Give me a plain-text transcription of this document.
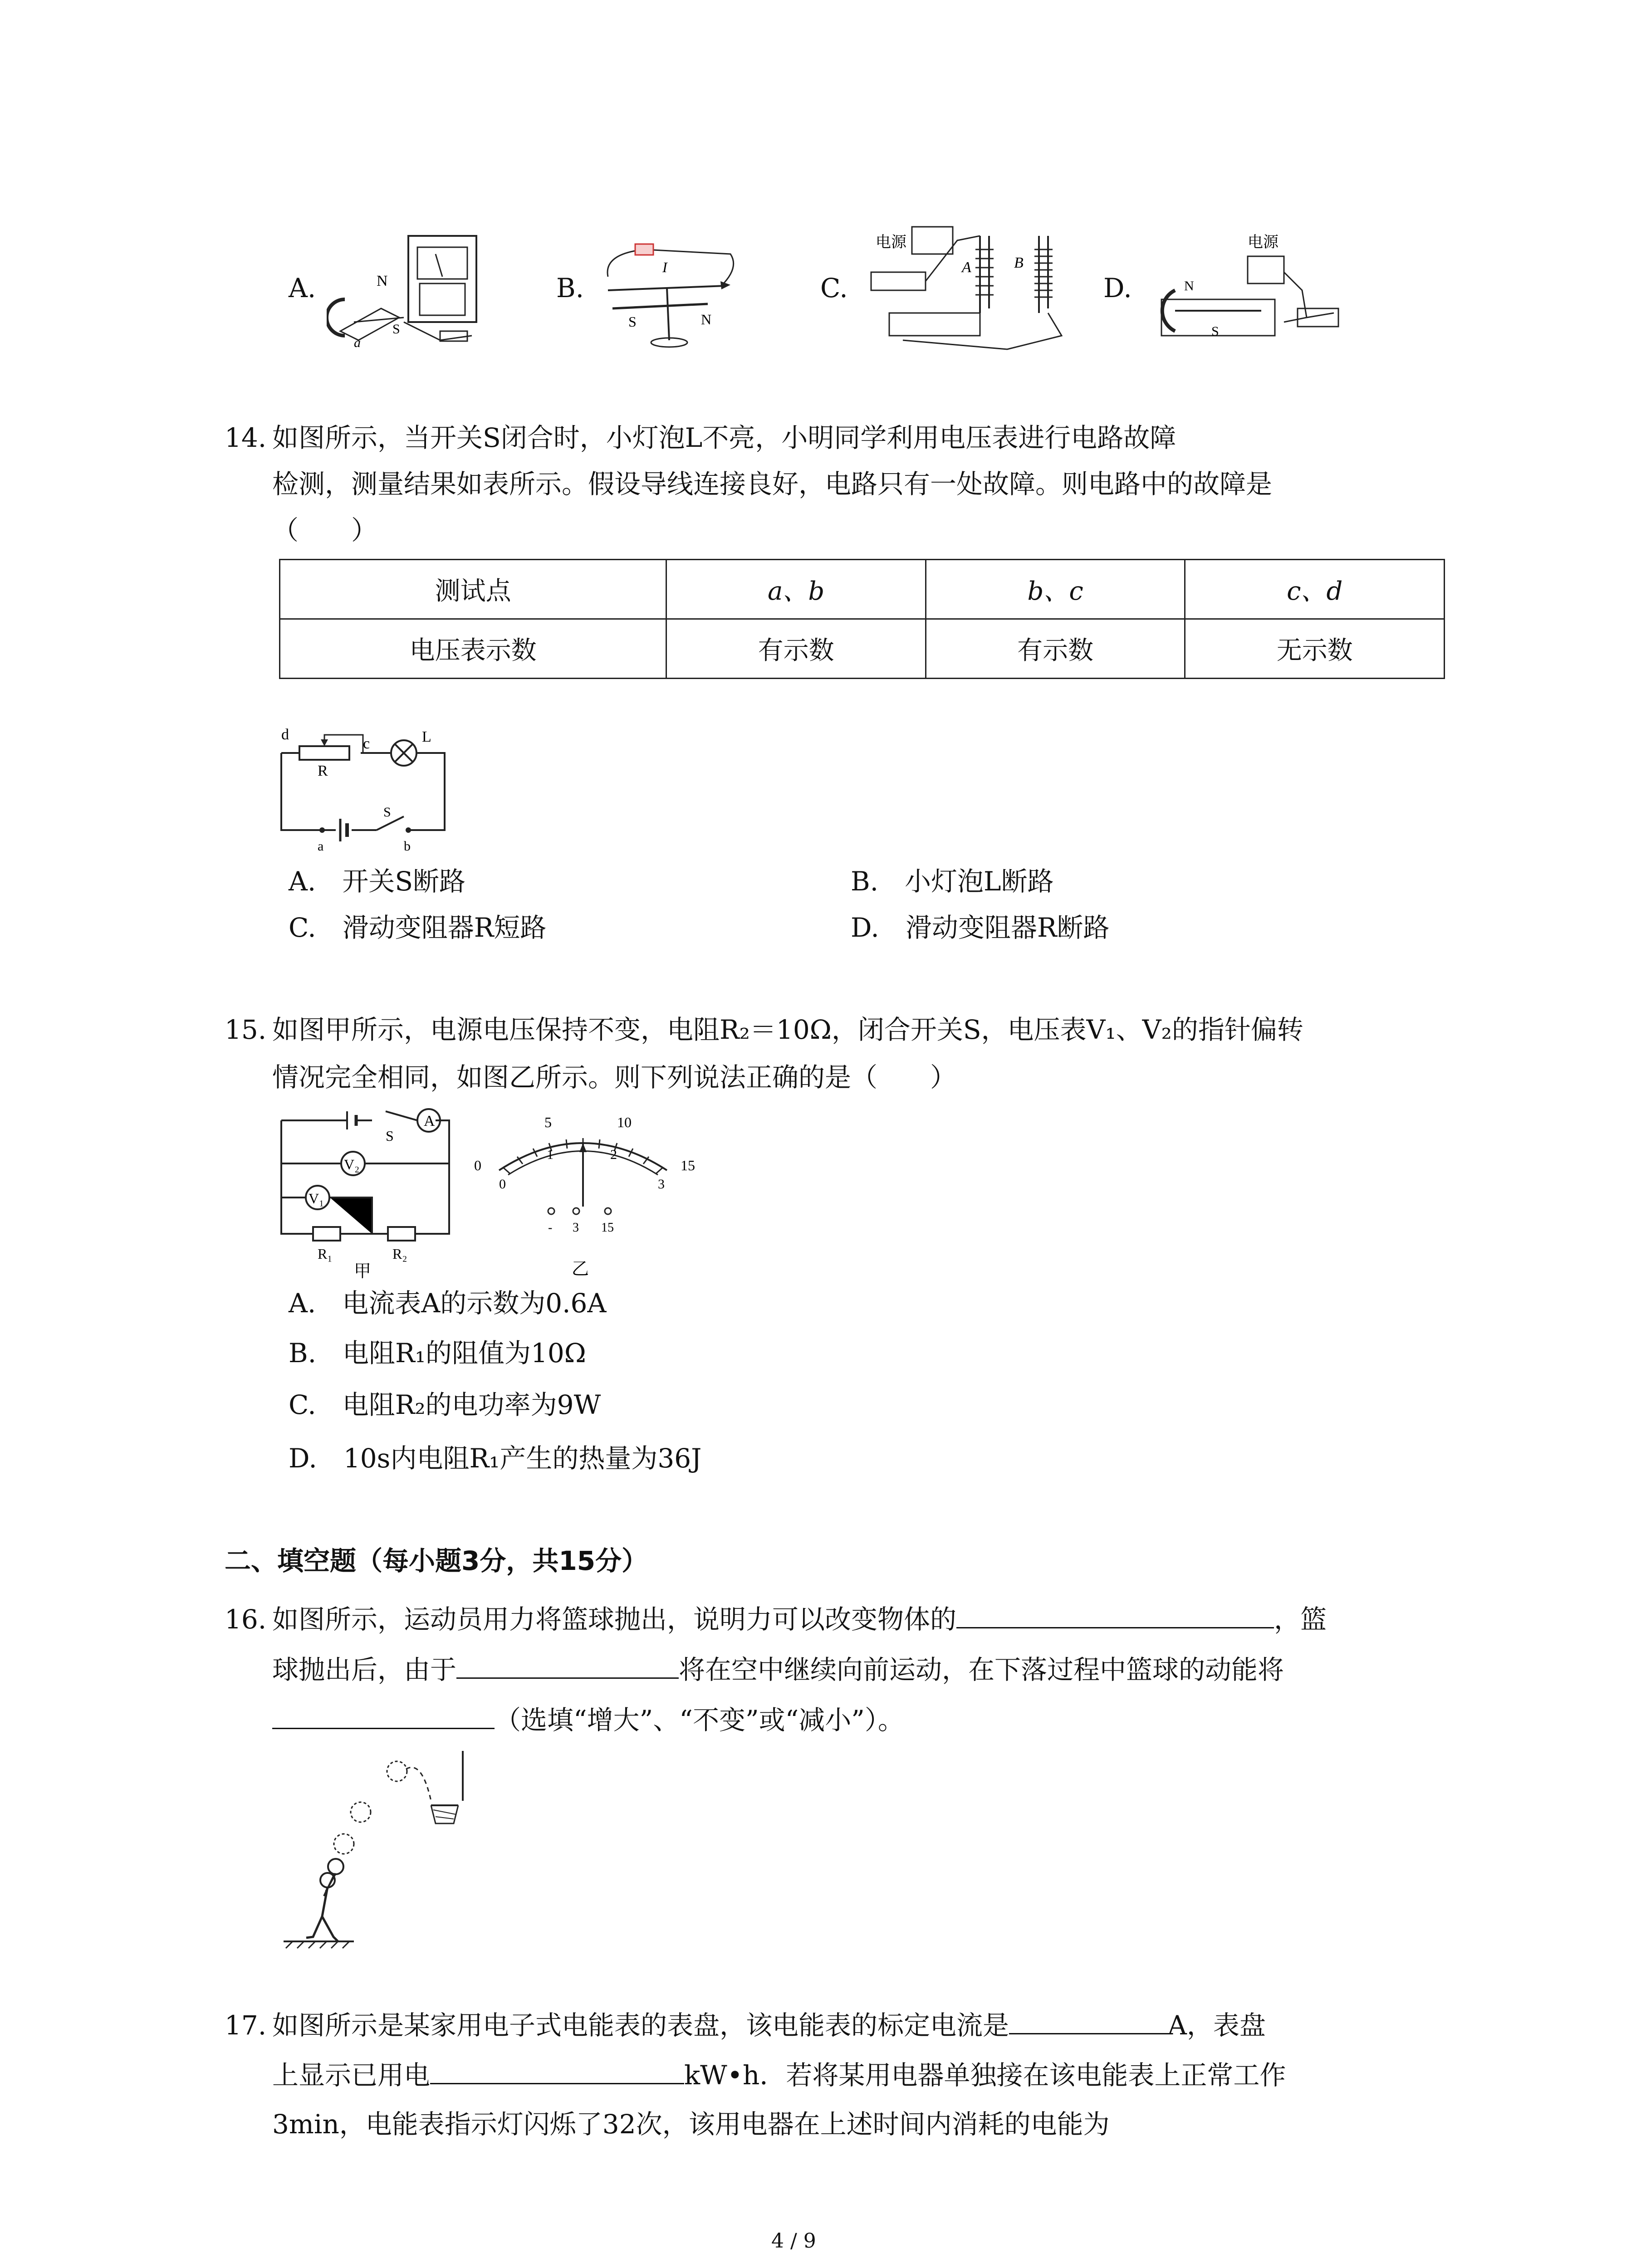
A.	N
S
a
B.
I
S	N
C.
电源
A	B
D.
电源
N
S
14. 如图所示，当开关S闭合时，小灯泡L不亮，小明同学利用电压表进行电路故障
检测，测量结果如表所示。假设导线连接良好，电路只有一处故障。则电路中的故障是
（　　）
测试点	a、b	b、c	c、d
电压表示数	有示数	有示数	无示数
d
c	L
R
a
S
b
A.　开关S断路	B.　小灯泡L断路
C.　滑动变阻器R短路	D.　滑动变阻器R断路
15. 如图甲所示，电源电压保持不变，电阻R₂＝10Ω，闭合开关S，电压表V₁、V₂的指针偏转
情况完全相同，如图乙所示。则下列说法正确的是（　　）
A
S
V₂
V₁
R₁	R₂
甲
0
5	10
15
0
1	2
3
- 3 15
乙
A.　电流表A的示数为0.6A
B.　电阻R₁的阻值为10Ω
C.　电阻R₂的电功率为9W
D.　10s内电阻R₁产生的热量为36J
二、填空题（每小题3分，共15分）
16. 如图所示，运动员用力将篮球抛出，说明力可以改变物体的	，篮
球抛出后，由于	将在空中继续向前运动，在下落过程中篮球的动能将
（选填“增大”、“不变”或“减小”）。
17. 如图所示是某家用电子式电能表的表盘，该电能表的标定电流是	A，表盘
上显示已用电	kW•h．若将某用电器单独接在该电能表上正常工作
3min，电能表指示灯闪烁了32次，该用电器在上述时间内消耗的电能为
4 / 9
